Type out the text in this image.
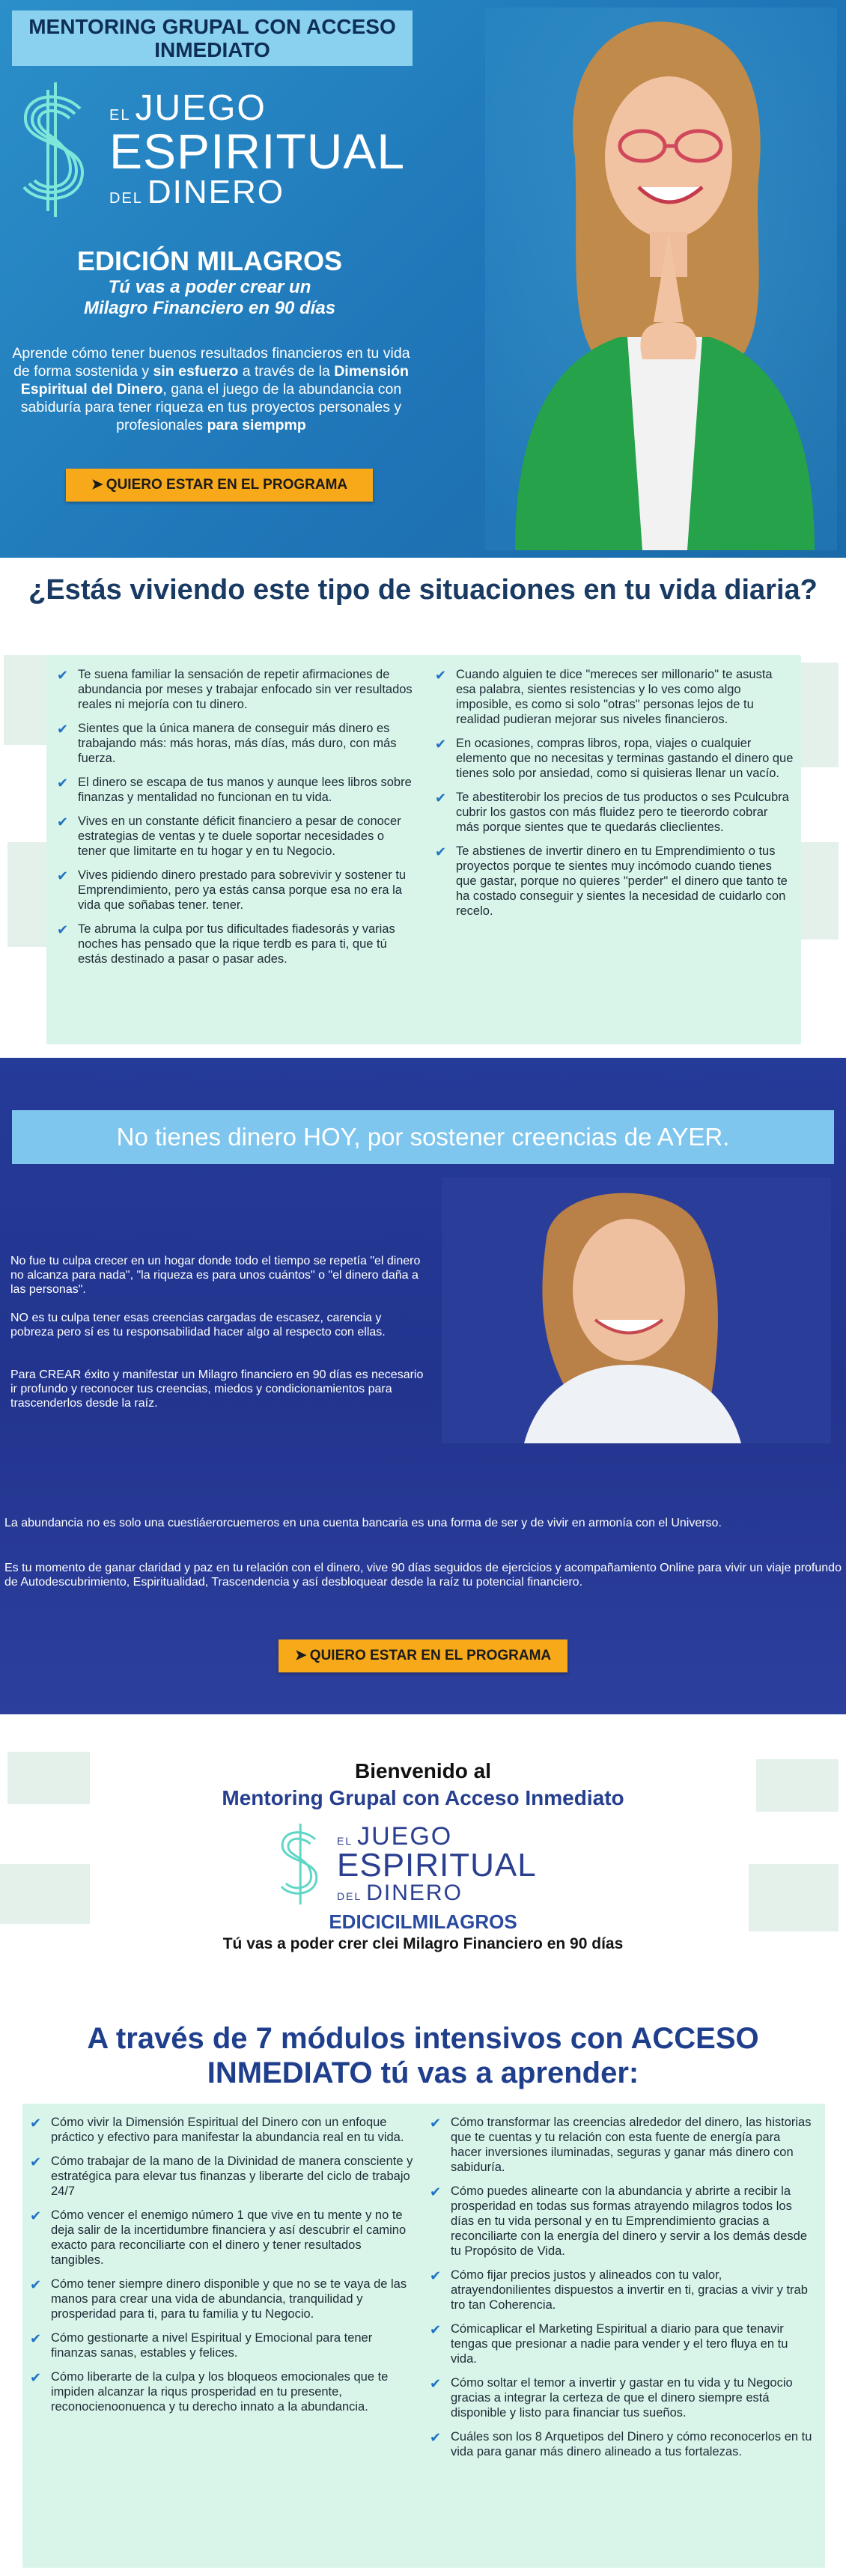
MENTORING GRUPAL CON ACCESO INMEDIATO
EL JUEGO
ESPIRITUAL
DEL DINERO
EDICIÓN MILAGROS
Tú vas a poder crear un Milagro Financiero en 90 días

Aprende cómo tener buenos resultados financieros en tu vida de forma sostenida y sin esfuerzo a través de la Dimensión Espiritual del Dinero, gana el juego de la abundancia con sabiduría para tener riqueza en tus proyectos personales y profesionales para siempmp

➤ QUIERO ESTAR EN EL PROGRAMA
¿Estás viviendo este tipo de situaciones en tu vida diaria?
✔ Te suena familiar la sensación de repetir afirmaciones de abundancia por meses y trabajar enfocado sin ver resultados reales ni mejoría con tu dinero.
✔ Sientes que la única manera de conseguir más dinero es trabajando más: más horas, más días, más duro, con más fuerza.
✔ El dinero se escapa de tus manos y aunque lees libros sobre finanzas y mentalidad no funcionan en tu vida.
✔ Vives en un constante déficit financiero a pesar de conocer estrategias de ventas y te duele soportar necesidades o tener que limitarte en tu hogar y en tu Negocio.
✔ Vives pidiendo dinero prestado para sobrevivir y sostener tu Emprendimiento, pero ya estás cansa porque esa no era la vida que soñabas tener. tener.
✔ Te abruma la culpa por tus dificultades fiadesorás y varias noches has pensado que la rique terdb es para ti, que tú estás destinado a pasar o pasar ades.
✔ Cuando alguien te dice "mereces ser millonario" te asusta esa palabra, sientes resistencias y lo ves como algo imposible, es como si solo "otras" personas lejos de tu realidad pudieran mejorar sus niveles financieros.
✔ En ocasiones, compras libros, ropa, viajes o cualquier elemento que no necesitas y terminas gastando el dinero que tienes solo por ansiedad, como si quisieras llenar un vacío.
✔ Te abestiterobir los precios de tus productos o ses Pculcubra cubrir los gastos con más fluidez pero te tieerordo cobrar más porque sientes que te quedarás clieclientes.
✔ Te abstienes de invertir dinero en tu Emprendimiento o tus proyectos porque te sientes muy incómodo cuando tienes que gastar, porque no quieres "perder" el dinero que tanto te ha costado conseguir y sientes la necesidad de cuidarlo con recelo.
No tienes dinero HOY, por sostener creencias de AYER.

No fue tu culpa crecer en un hogar donde todo el tiempo se repetía "el dinero no alcanza para nada", "la riqueza es para unos cuántos" o "el dinero daña a las personas".

NO es tu culpa tener esas creencias cargadas de escasez, carencia y pobreza pero sí es tu responsabilidad hacer algo al respecto con ellas.

Para CREAR éxito y manifestar un Milagro financiero en 90 días es necesario ir profundo y reconocer tus creencias, miedos y condicionamientos para trascenderlos desde la raíz.

La abundancia no es solo una cuestiáerorcuemeros en una cuenta bancaria es una forma de ser y de vivir en armonía con el Universo.

Es tu momento de ganar claridad y paz en tu relación con el dinero, vive 90 días seguidos de ejercicios y acompañamiento Online para vivir un viaje profundo de Autodescubrimiento, Espiritualidad, Trascendencia y así desbloquear desde la raíz tu potencial financiero.

➤ QUIERO ESTAR EN EL PROGRAMA
Bienvenido al
Mentoring Grupal con Acceso Inmediato
EL JUEGO
ESPIRITUAL
DEL DINERO
EDICICILMILAGROS
Tú vas a poder crer clei Milagro Financiero en 90 días
A través de 7 módulos intensivos con ACCESO INMEDIATO tú vas a aprender:
✔ Cómo vivir la Dimensión Espiritual del Dinero con un enfoque práctico y efectivo para manifestar la abundancia real en tu vida.
✔ Cómo trabajar de la mano de la Divinidad de manera consciente y estratégica para elevar tus finanzas y liberarte del ciclo de trabajo 24/7
✔ Cómo vencer el enemigo número 1 que vive en tu mente y no te deja salir de la incertidumbre financiera y así descubrir el camino exacto para reconciliarte con el dinero y tener resultados tangibles.
✔ Cómo tener siempre dinero disponible y que no se te vaya de las manos para crear una vida de abundancia, tranquilidad y prosperidad para ti, para tu familia y tu Negocio.
✔ Cómo gestionarte a nivel Espiritual y Emocional para tener finanzas sanas, estables y felices.
✔ Cómo liberarte de la culpa y los bloqueos emocionales que te impiden alcanzar la riqus prosperidad en tu presente, reconocienoonuenca y tu derecho innato a la abundancia.
✔ Cómo transformar las creencias alrededor del dinero, las historias que te cuentas y tu relación con esta fuente de energía para hacer inversiones iluminadas, seguras y ganar más dinero con sabiduría.
✔ Cómo puedes alinearte con la abundancia y abrirte a recibir la prosperidad en todas sus formas atrayendo milagros todos los días en tu vida personal y en tu Emprendimiento gracias a reconciliarte con la energía del dinero y servir a los demás desde tu Propósito de Vida.
✔ Cómo fijar precios justos y alineados con tu valor, atrayendonilientes dispuestos a invertir en ti, gracias a vivir y trab tro tan Coherencia.
✔ Cómicaplicar el Marketing Espiritual a diario para que tenavir tengas que presionar a nadie para vender y el tero fluya en tu vida.
✔ Cómo soltar el temor a invertir y gastar en tu vida y tu Negocio gracias a integrar la certeza de que el dinero siempre está disponible y listo para financiar tus sueños.
✔ Cuáles son los 8 Arquetipos del Dinero y cómo reconocerlos en tu vida para ganar más dinero alineado a tus fortalezas.
